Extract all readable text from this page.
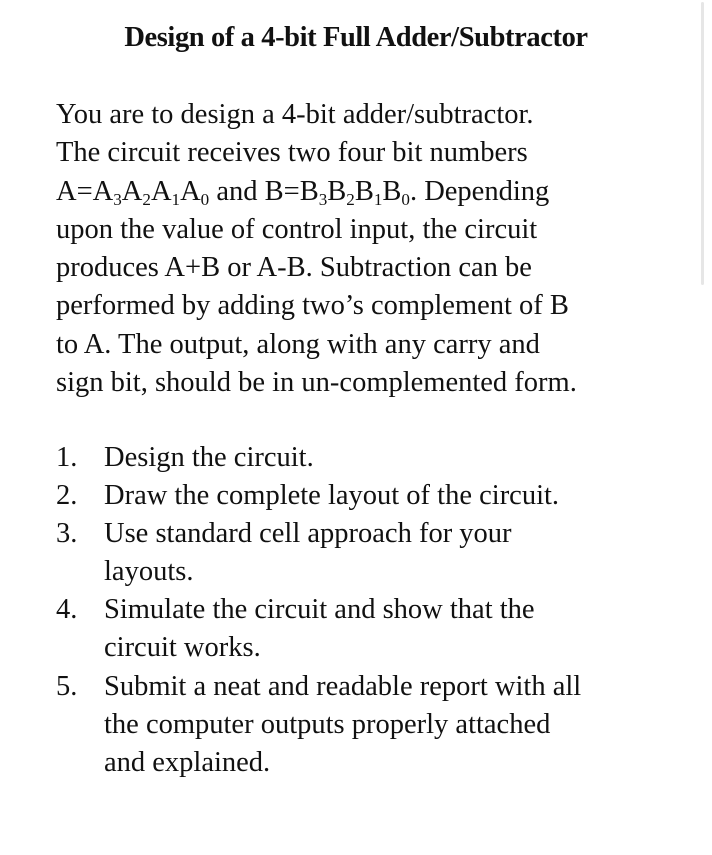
Design of a 4-bit Full Adder/Subtractor

You are to design a 4-bit adder/subtractor.
The circuit receives two four bit numbers
$A=A_3A_2A_1A_0$ and $B=B_3B_2B_1B_0$. Depending
upon the value of control input, the circuit
produces A+B or A-B. Subtraction can be
performed by adding two’s complement of B
to A. The output, along with any carry and
sign bit, should be in un-complemented form.

1. Design the circuit.
2. Draw the complete layout of the circuit.
3. Use standard cell approach for your
layouts.
4. Simulate the circuit and show that the
circuit works.
5. Submit a neat and readable report with all
the computer outputs properly attached
and explained.
